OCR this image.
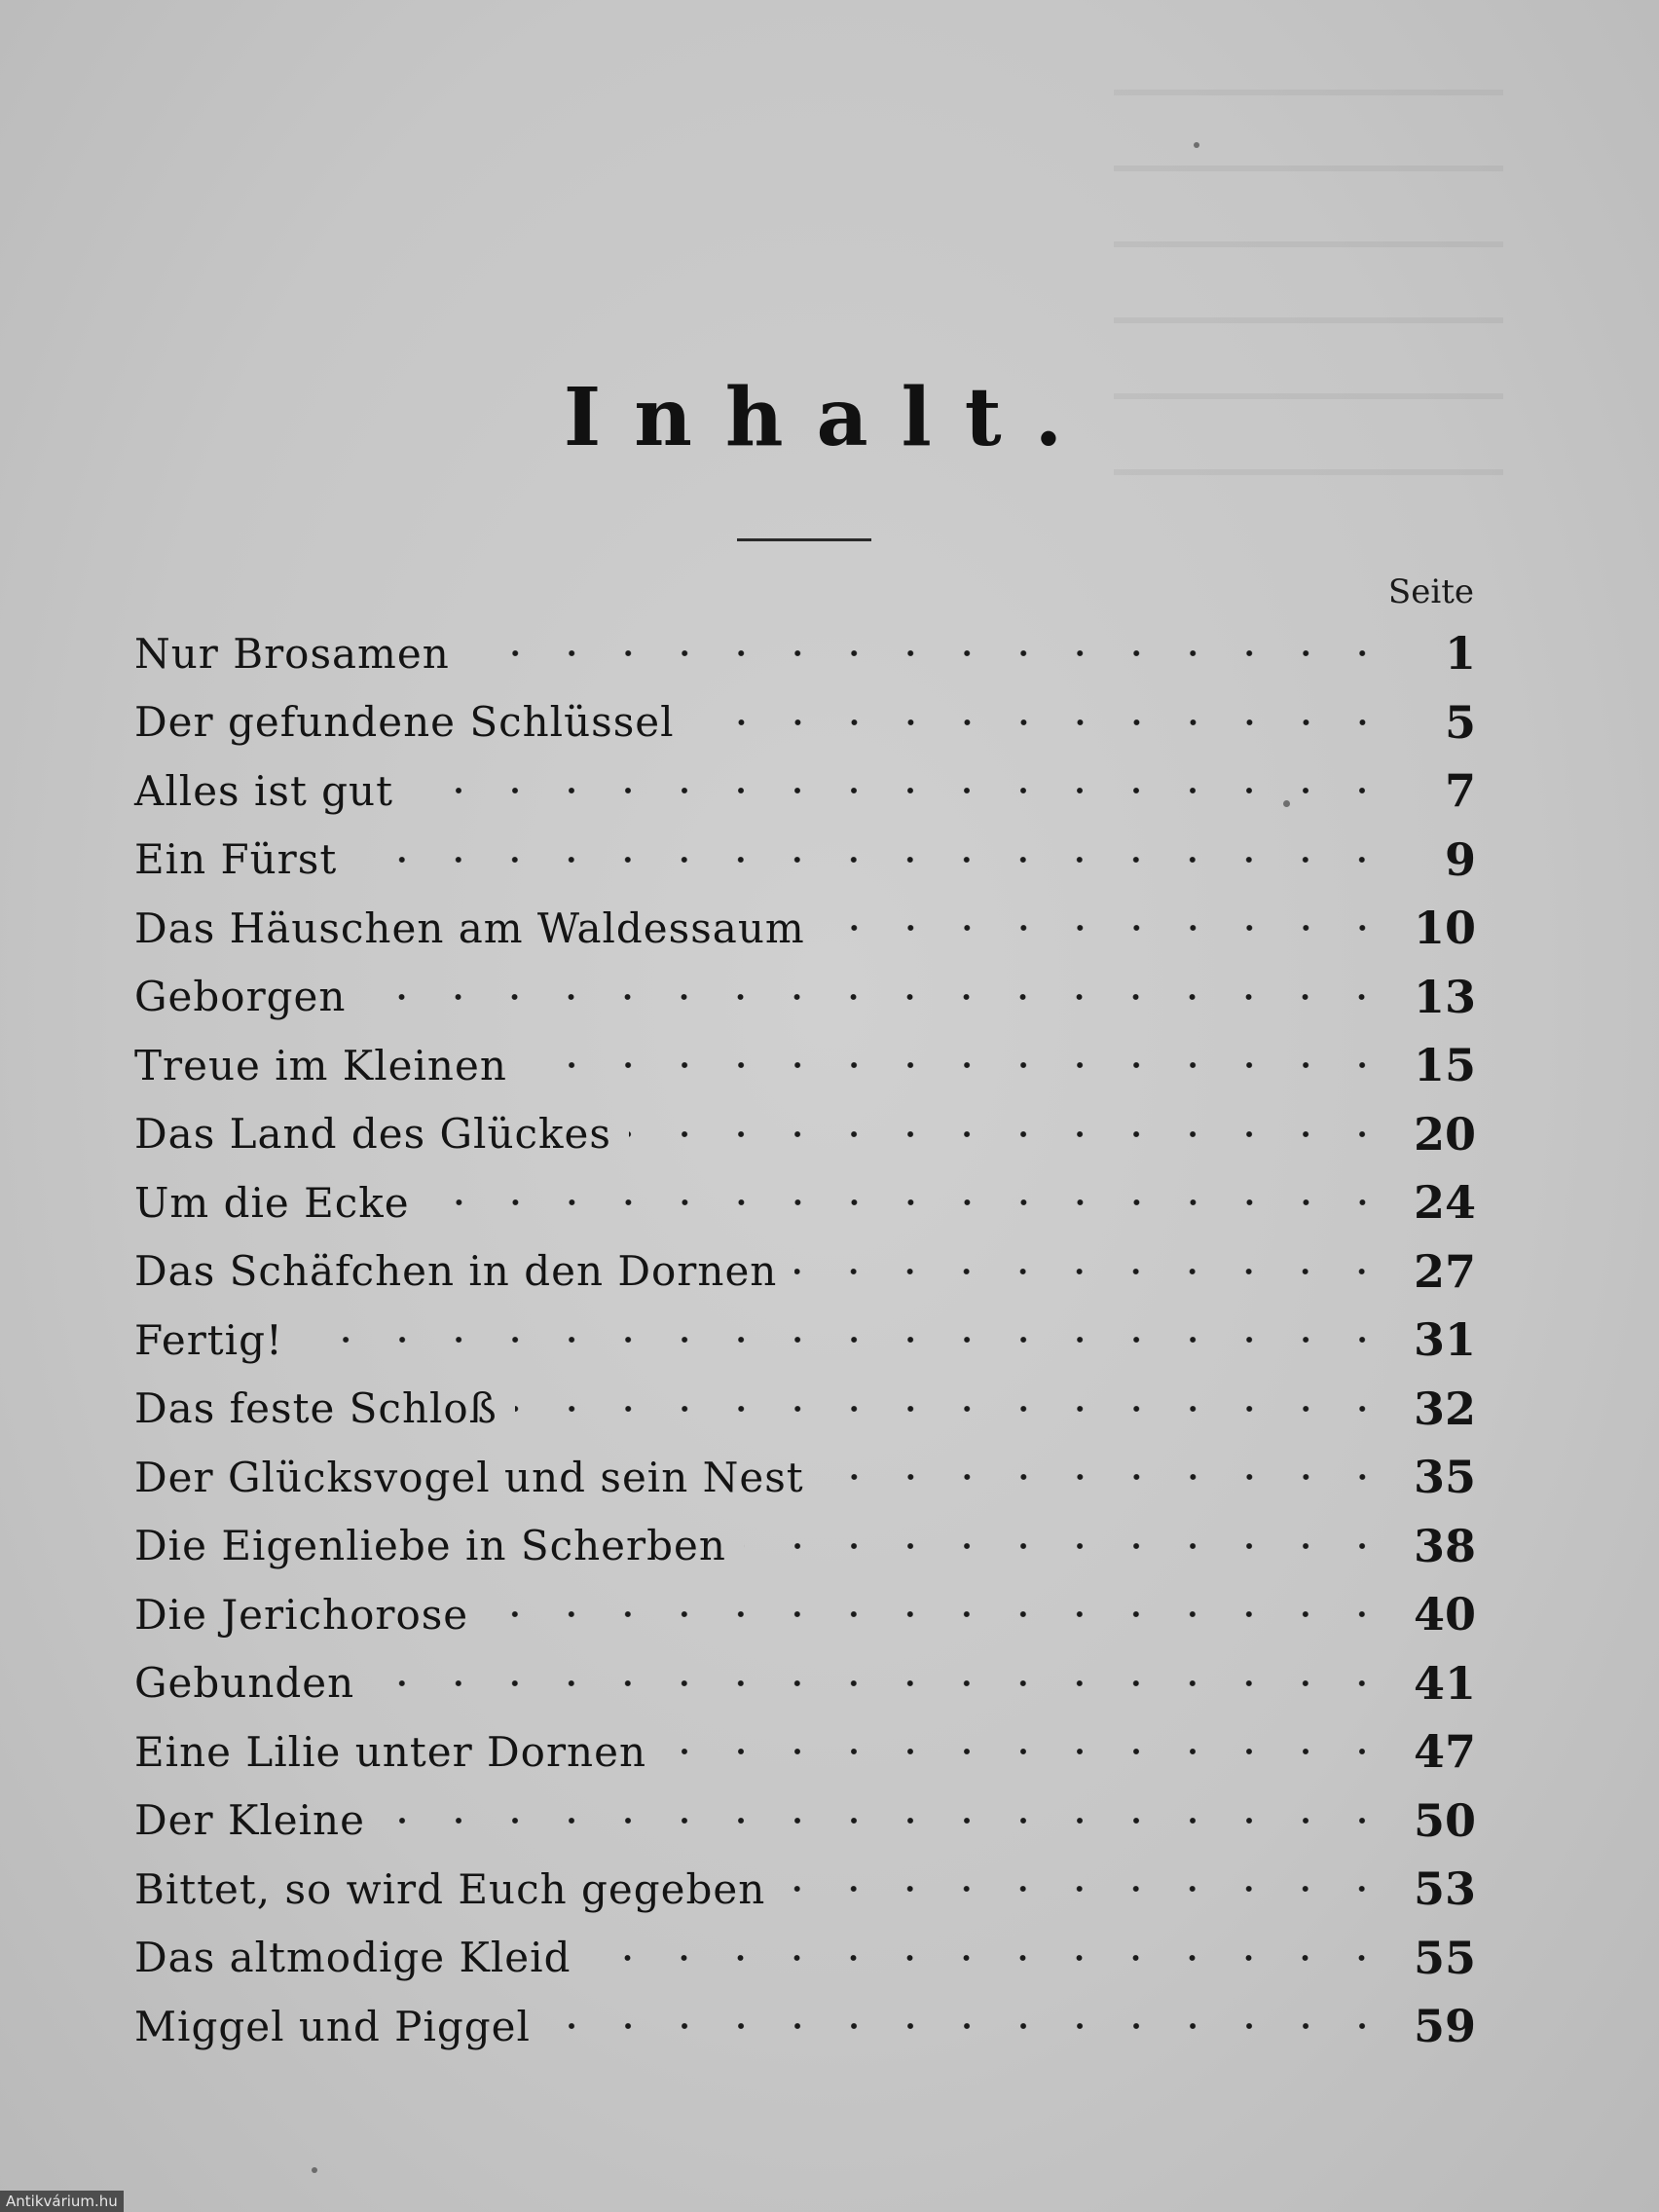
Inhalt.
Seite
Nur Brosamen	1
Der gefundene Schlüssel	5
Alles ist gut	7
Ein Fürst	9
Das Häuschen am Waldessaum	10
Geborgen	13
Treue im Kleinen	15
Das Land des Glückes	20
Um die Ecke	24
Das Schäfchen in den Dornen	27
Fertig!	31
Das feste Schloß	32
Der Glücksvogel und sein Nest	35
Die Eigenliebe in Scherben	38
Die Jerichorose	40
Gebunden	41
Eine Lilie unter Dornen	47
Der Kleine	50
Bittet, so wird Euch gegeben	53
Das altmodige Kleid	55
Miggel und Piggel	59
Antikvárium.hu
